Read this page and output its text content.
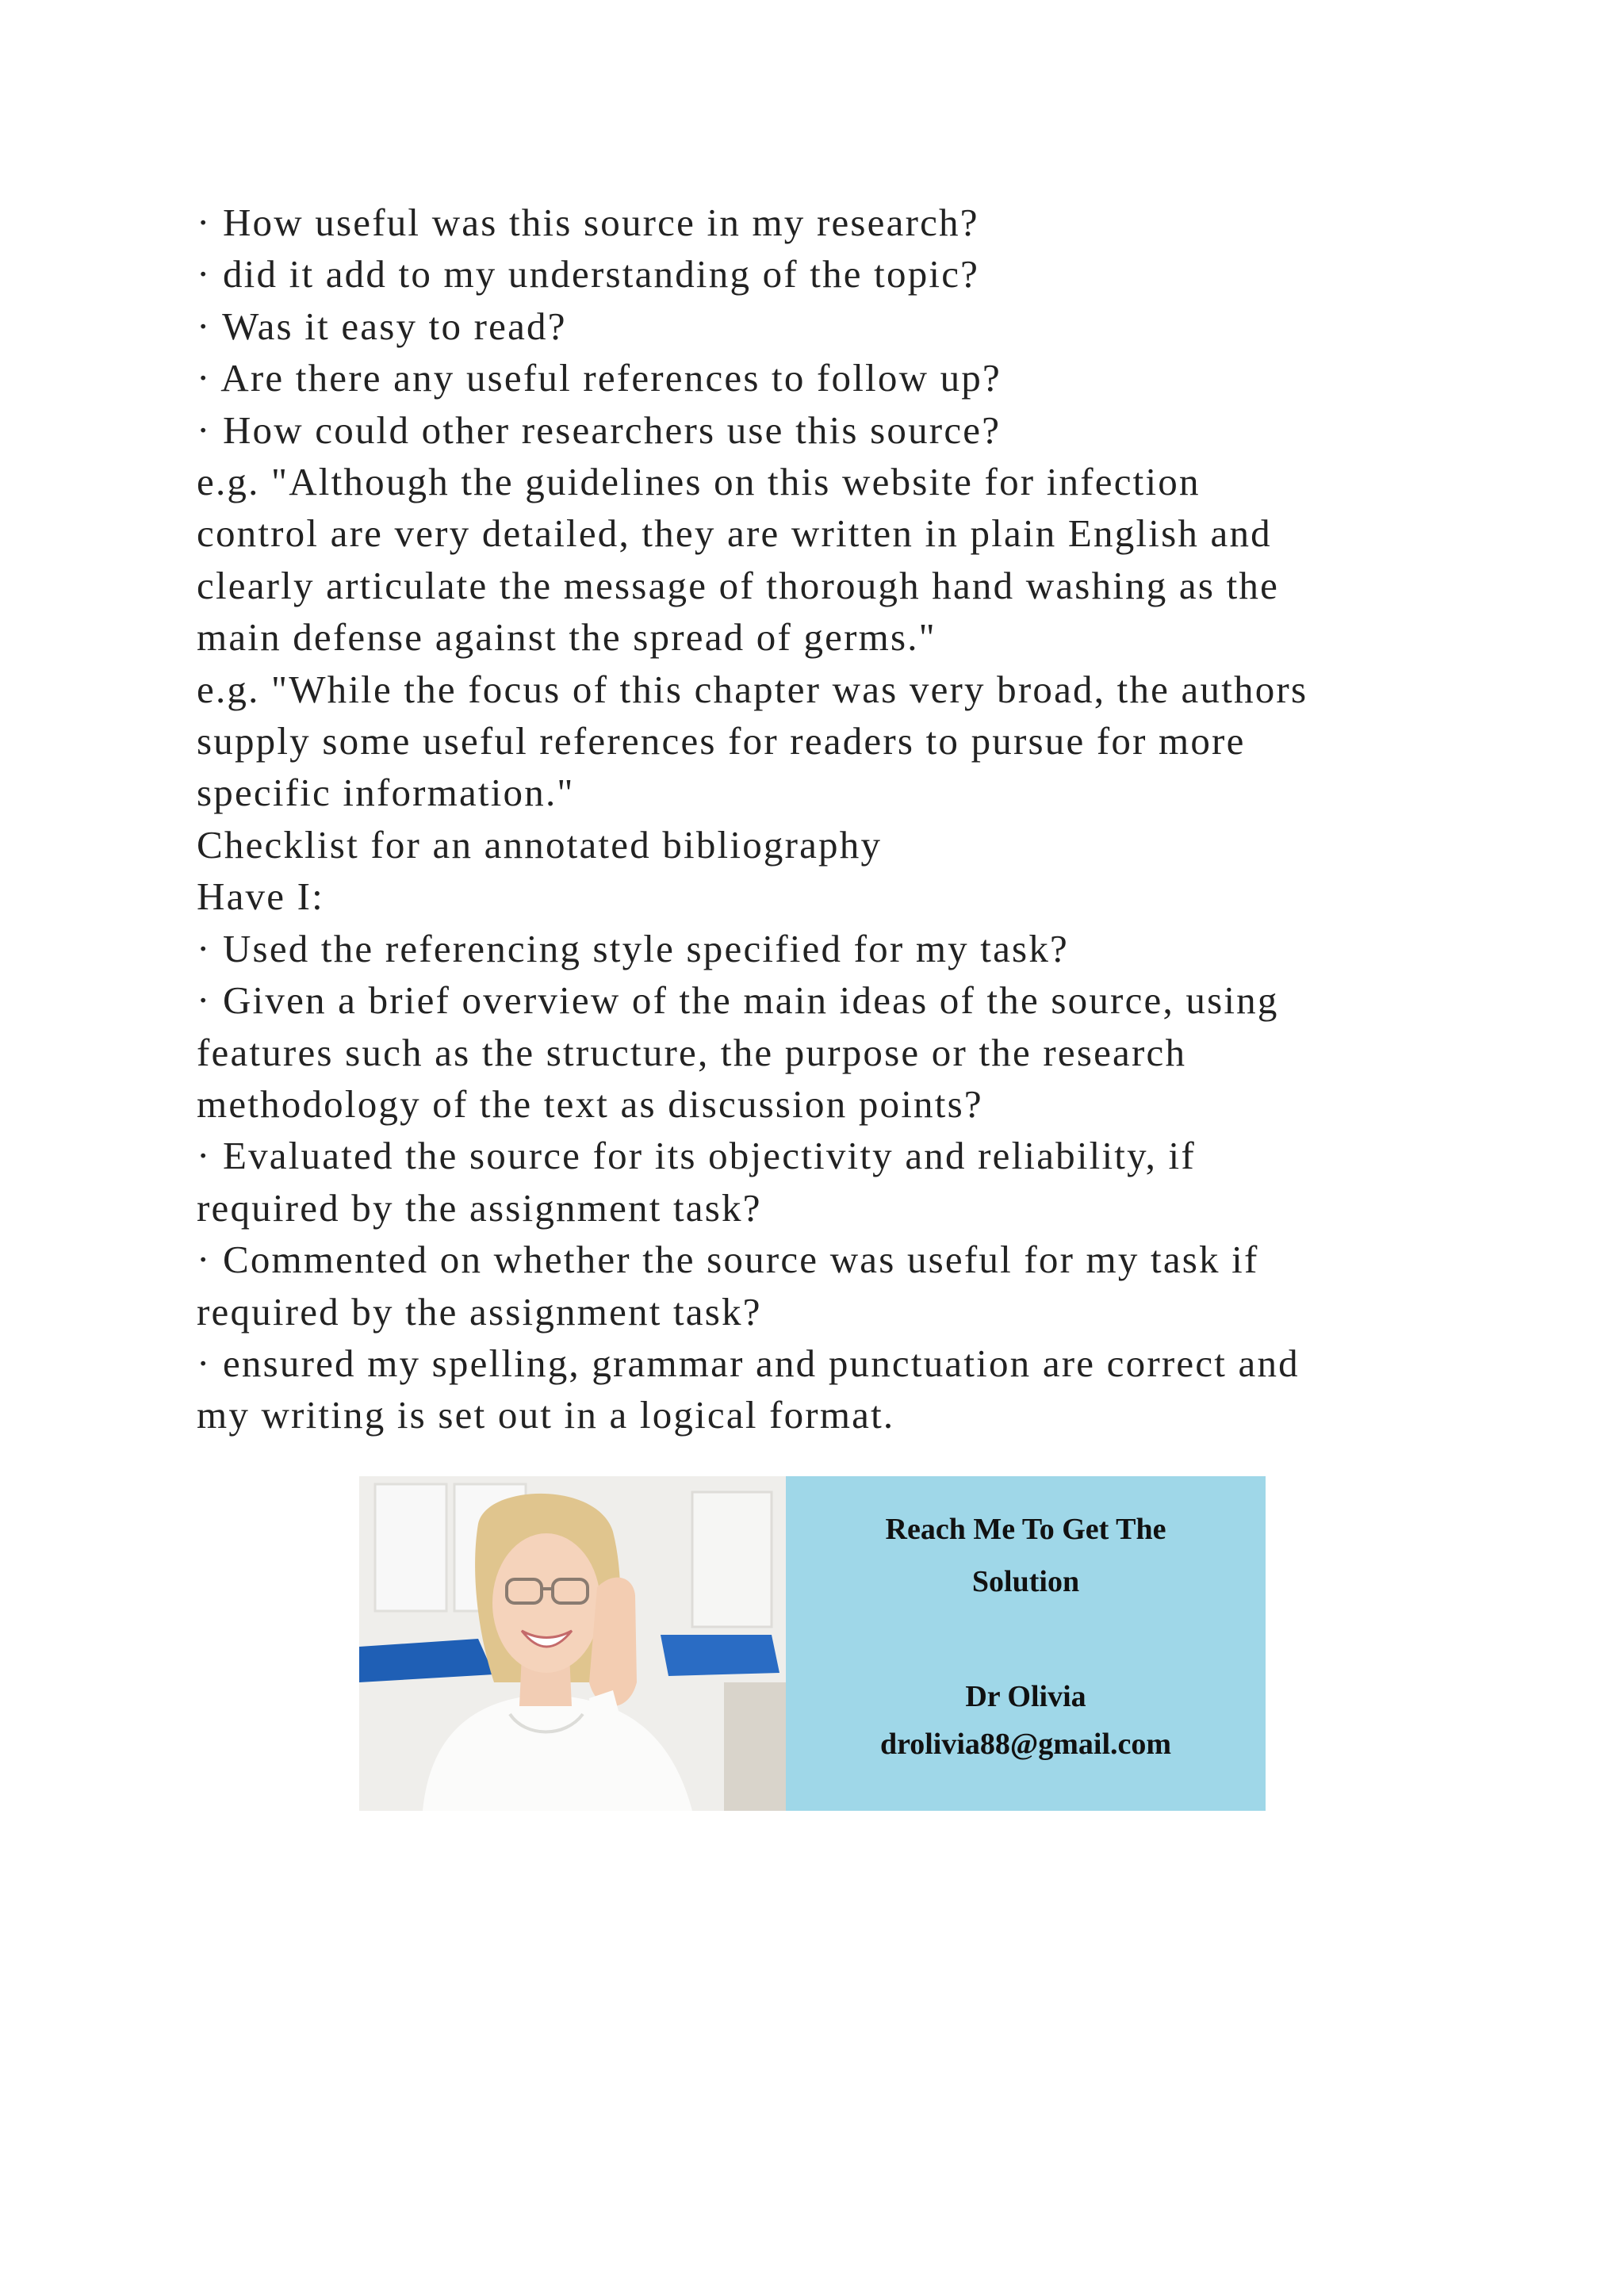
· How useful was this source in my research?
· did it add to my understanding of the topic?
· Was it easy to read?
· Are there any useful references to follow up?
· How could other researchers use this source?
e.g. "Although the guidelines on this website for infection
control are very detailed, they are written in plain English and
clearly articulate the message of thorough hand washing as the
main defense against the spread of germs."
e.g. "While the focus of this chapter was very broad, the authors
supply some useful references for readers to pursue for more
specific information."
Checklist for an annotated bibliography
Have I:
· Used the referencing style specified for my task?
· Given a brief overview of the main ideas of the source, using
features such as the structure, the purpose or the research
methodology of the text as discussion points?
· Evaluated the source for its objectivity and reliability, if
required by the assignment task?
· Commented on whether the source was useful for my task if
required by the assignment task?
· ensured my spelling, grammar and punctuation are correct and
my writing is set out in a logical format.
Reach Me To Get The
Solution
Dr Olivia
drolivia88@gmail.com
